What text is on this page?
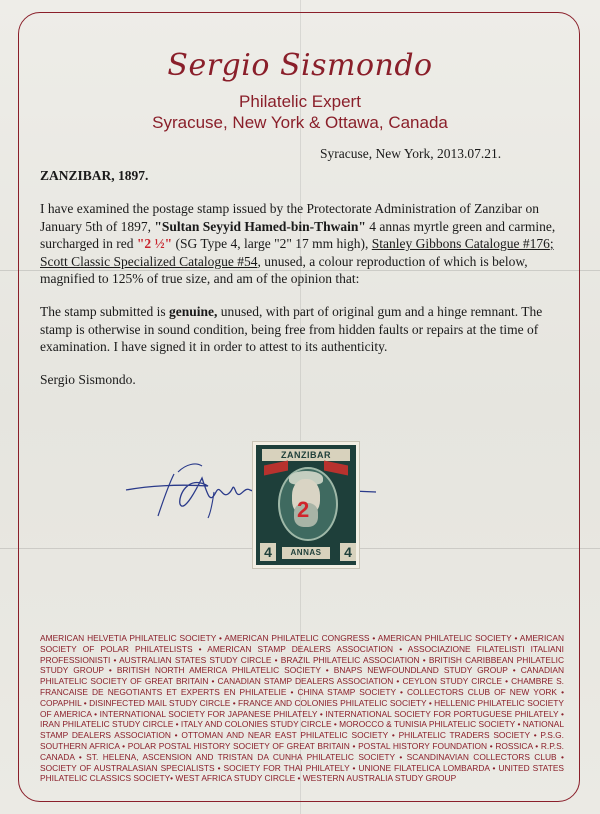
Sergio Sismondo
Philatelic Expert
Syracuse, New York & Ottawa, Canada
Syracuse, New York, 2013.07.21.
ZANZIBAR, 1897.
I have examined the postage stamp issued by the Protectorate Administration of Zanzibar on January 5th of 1897, "Sultan Seyyid Hamed-bin-Thwain" 4 annas myrtle green and carmine, surcharged in red "2 ½" (SG Type 4, large "2" 17 mm high), Stanley Gibbons Catalogue #176; Scott Classic Specialized Catalogue #54, unused, a colour reproduction of which is below, magnified to 125% of true size, and am of the opinion that:
The stamp submitted is genuine, unused, with part of original gum and a hinge remnant. The stamp is otherwise in sound condition, being free from hidden faults or repairs at the time of examination. I have signed it in order to attest to its authenticity.
Sergio Sismondo.
ZANZIBAR
2
4	ANNAS	4
AMERICAN HELVETIA PHILATELIC SOCIETY • AMERICAN PHILATELIC CONGRESS • AMERICAN PHILATELIC SOCIETY • AMERICAN SOCIETY OF POLAR PHILATELISTS • AMERICAN STAMP DEALERS ASSOCIATION • ASSOCIAZIONE FILATELISTI ITALIANI PROFESSIONISTI • AUSTRALIAN STATES STUDY CIRCLE • BRAZIL PHILATELIC ASSOCIATION • BRITISH CARIBBEAN PHILATELIC STUDY GROUP • BRITISH NORTH AMERICA PHILATELIC SOCIETY • BNAPS NEWFOUNDLAND STUDY GROUP • CANADIAN PHILATELIC SOCIETY OF GREAT BRITAIN • CANADIAN STAMP DEALERS ASSOCIATION • CEYLON STUDY CIRCLE • CHAMBRE S. FRANCAISE DE NEGOTIANTS ET EXPERTS EN PHILATELIE • CHINA STAMP SOCIETY • COLLECTORS CLUB OF NEW YORK • COPAPHIL • DISINFECTED MAIL STUDY CIRCLE • FRANCE AND COLONIES PHILATELIC SOCIETY • HELLENIC PHILATELIC SOCIETY OF AMERICA • INTERNATIONAL SOCIETY FOR JAPANESE PHILATELY • INTERNATIONAL SOCIETY FOR PORTUGUESE PHILATELY • IRAN PHILATELIC STUDY CIRCLE • ITALY AND COLONIES STUDY CIRCLE • MOROCCO & TUNISIA PHILATELIC SOCIETY • NATIONAL STAMP DEALERS ASSOCIATION • OTTOMAN AND NEAR EAST PHILATELIC SOCIETY • PHILATELIC TRADERS SOCIETY • P.S.G. SOUTHERN AFRICA • POLAR POSTAL HISTORY SOCIETY OF GREAT BRITAIN • POSTAL HISTORY FOUNDATION • ROSSICA • R.P.S. CANADA • ST. HELENA, ASCENSION AND TRISTAN DA CUNHA PHILATELIC SOCIETY • SCANDINAVIAN COLLECTORS CLUB • SOCIETY OF AUSTRALASIAN SPECIALISTS • SOCIETY FOR THAI PHILATELY • UNIONE FILATELICA LOMBARDA • UNITED STATES PHILATELIC CLASSICS SOCIETY• WEST AFRICA STUDY CIRCLE • WESTERN AUSTRALIA STUDY GROUP
